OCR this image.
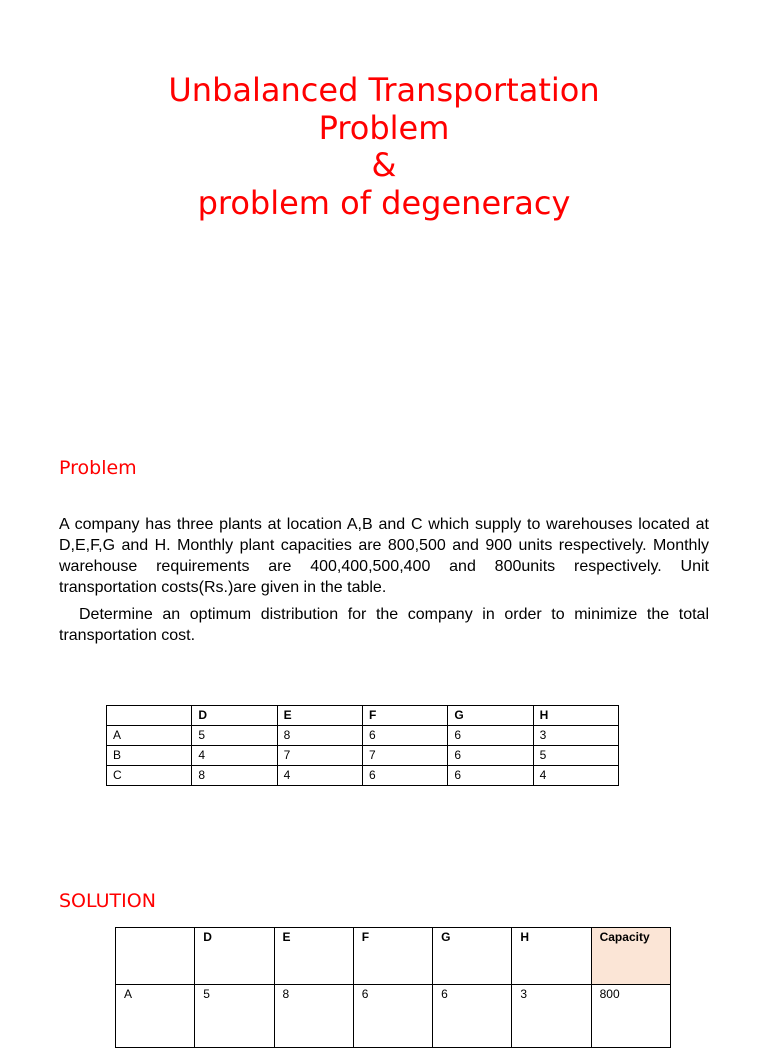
Unbalanced Transportation
Problem
&
problem of degeneracy
Problem

A company has three plants at location A,B and C which supply to warehouses located at D,E,F,G and H. Monthly plant capacities are 800,500 and 900 units respectively. Monthly warehouse requirements are 400,400,500,400 and 800units respectively. Unit transportation costs(Rs.)are given in the table.

Determine an optimum distribution for the company in order to minimize the total transportation cost.

	D	E	F	G	H
A	5	8	6	6	3
B	4	7	7	6	5
C	8	4	6	6	4
SOLUTION
	D	E	F	G	H	Capacity
A	5	8	6	6	3	800
